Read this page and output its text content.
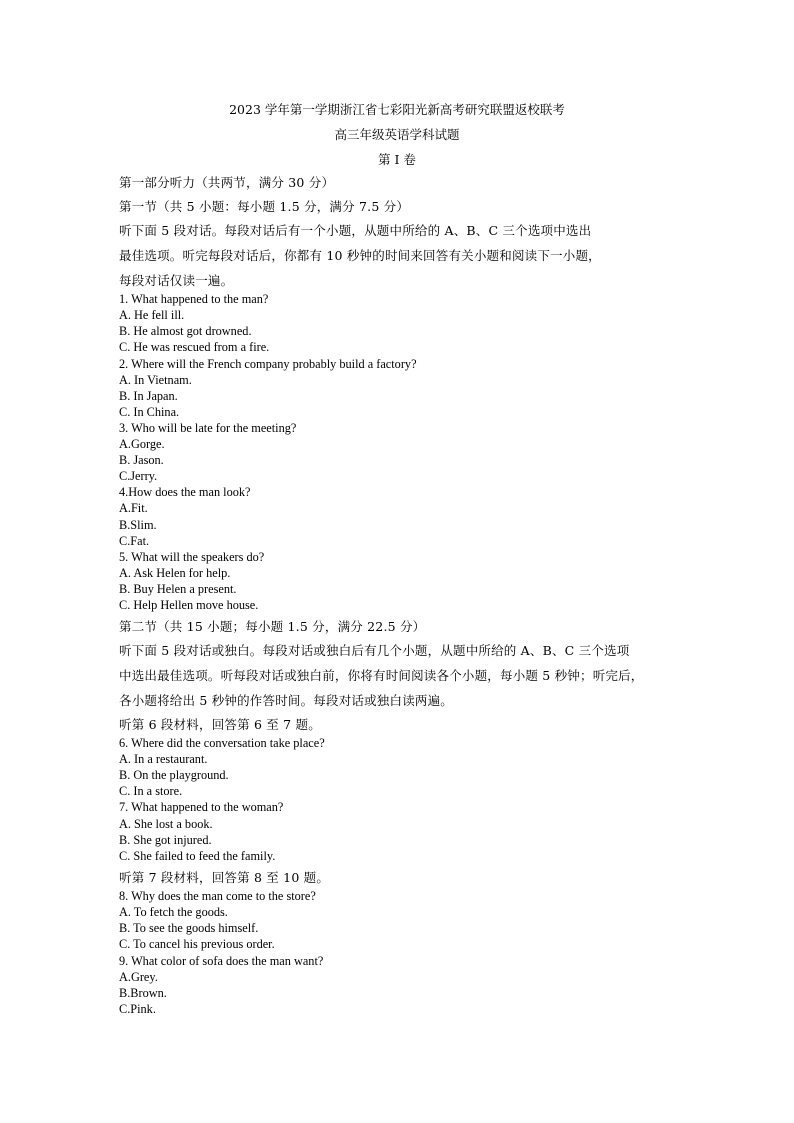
2023 学年第一学期浙江省七彩阳光新高考研究联盟返校联考
高三年级英语学科试题
第 I 卷
第一部分听力（共两节，满分 30 分）
第一节（共 5 小题：每小题 1.5 分，满分 7.5 分）
听下面 5 段对话。每段对话后有一个小题，从题中所给的 A、B、C 三个选项中选出
最佳选项。听完每段对话后，你都有 10 秒钟的时间来回答有关小题和阅读下一小题，
每段对话仅读一遍。
1. What happened to the man?
A. He fell ill.
B. He almost got drowned.
C. He was rescued from a fire.
2. Where will the French company probably build a factory?
A. In Vietnam.
B. In Japan.
C. In China.
3. Who will be late for the meeting?
A.Gorge.
B. Jason.
C.Jerry.
4.How does the man look?
A.Fit.
B.Slim.
C.Fat.
5. What will the speakers do?
A. Ask Helen for help.
B. Buy Helen a present.
C. Help Hellen move house.
第二节（共 15 小题；每小题 1.5 分，满分 22.5 分）
听下面 5 段对话或独白。每段对话或独白后有几个小题，从题中所给的 A、B、C 三个选项
中选出最佳选项。听每段对话或独白前，你将有时间阅读各个小题，每小题 5 秒钟；听完后，
各小题将给出 5 秒钟的作答时间。每段对话或独白读两遍。
听第 6 段材料，回答第 6 至 7 题。
6. Where did the conversation take place?
A. In a restaurant.
B. On the playground.
C. In a store.
7. What happened to the woman?
A. She lost a book.
B. She got injured.
C. She failed to feed the family.
听第 7 段材料，回答第 8 至 10 题。
8. Why does the man come to the store?
A. To fetch the goods.
B. To see the goods himself.
C. To cancel his previous order.
9. What color of sofa does the man want?
A.Grey.
B.Brown.
C.Pink.
